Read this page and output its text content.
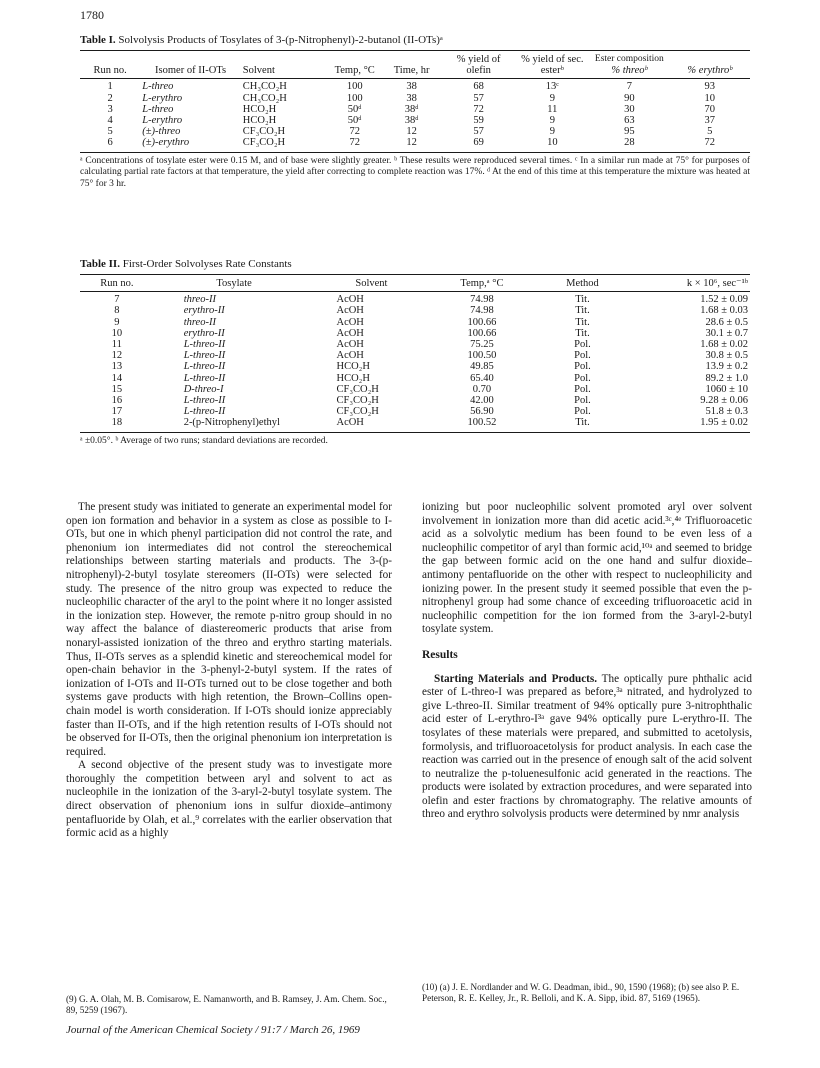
1780
Table I. Solvolysis Products of Tosylates of 3-(p-Nitrophenyl)-2-butanol (II-OTs)ᵃ
Run no.	Isomer of II-OTs	Solvent	Temp, °C	Time, hr	% yield of olefin	% yield of sec. esterᵇ	Ester composition
% threoᵇ	% erythroᵇ
1	L-threo	CH₃CO₂H	100	38	68	13ᶜ	7	93
2	L-erythro	CH₃CO₂H	100	38	57	9	90	10
3	L-threo	HCO₂H	50ᵈ	38ᵈ	72	11	30	70
4	L-erythro	HCO₂H	50ᵈ	38ᵈ	59	9	63	37
5	(±)-threo	CF₃CO₂H	72	12	57	9	95	5
6	(±)-erythro	CF₃CO₂H	72	12	69	10	28	72
ᵃ Concentrations of tosylate ester were 0.15 M, and of base were slightly greater. ᵇ These results were reproduced several times. ᶜ In a similar run made at 75° for purposes of calculating partial rate factors at that temperature, the yield after correcting to complete reaction was 17%. ᵈ At the end of this time at this temperature the mixture was heated at 75° for 3 hr.
Table II. First-Order Solvolyses Rate Constants
Run no.	Tosylate	Solvent	Temp,ᵃ °C	Method	k × 10⁶, sec⁻¹ᵇ
7	threo-II	AcOH	74.98	Tit.	1.52 ± 0.09
8	erythro-II	AcOH	74.98	Tit.	1.68 ± 0.03
9	threo-II	AcOH	100.66	Tit.	28.6 ± 0.5
10	erythro-II	AcOH	100.66	Tit.	30.1 ± 0.7
11	L-threo-II	AcOH	75.25	Pol.	1.68 ± 0.02
12	L-threo-II	AcOH	100.50	Pol.	30.8 ± 0.5
13	L-threo-II	HCO₂H	49.85	Pol.	13.9 ± 0.2
14	L-threo-II	HCO₂H	65.40	Pol.	89.2 ± 1.0
15	D-threo-I	CF₃CO₂H	0.70	Pol.	1060 ± 10
16	L-threo-II	CF₃CO₂H	42.00	Pol.	9.28 ± 0.06
17	L-threo-II	CF₃CO₂H	56.90	Pol.	51.8 ± 0.3
18	2-(p-Nitrophenyl)ethyl	AcOH	100.52	Tit.	1.95 ± 0.02
ᵃ ±0.05°. ᵇ Average of two runs; standard deviations are recorded.

The present study was initiated to generate an experimental model for open ion formation and behavior in a system as close as possible to I-OTs, but one in which phenyl participation did not control the rate, and phenonium ion intermediates did not control the stereochemical relationships between starting materials and products. The 3-(p-nitrophenyl)-2-butyl tosylate stereomers (II-OTs) were selected for study. The presence of the nitro group was expected to reduce the nucleophilic character of the aryl to the point where it no longer assisted in the ionization step. However, the remote p-nitro group should in no way affect the balance of diastereomeric products that arise from nonaryl-assisted ionization of the threo and erythro starting materials. Thus, II-OTs serves as a splendid kinetic and stereochemical model for open-chain behavior in the 3-phenyl-2-butyl system. If the rates of ionization of I-OTs and II-OTs turned out to be close together and both systems gave products with high retention, the Brown–Collins open-chain model is worth consideration. If I-OTs should ionize appreciably faster than II-OTs, and if the high retention results of I-OTs should not be observed for II-OTs, then the original phenonium ion interpretation is required.

A second objective of the present study was to investigate more thoroughly the competition between aryl and solvent to act as nucleophile in the ionization of the 3-aryl-2-butyl tosylate system. The direct observation of phenonium ions in sulfur dioxide–antimony pentafluoride by Olah, et al.,⁹ correlates with the earlier observation that formic acid as a highly

ionizing but poor nucleophilic solvent promoted aryl over solvent involvement in ionization more than did acetic acid.³ᶜ,⁴ᵉ Trifluoroacetic acid as a solvolytic medium has been found to be even less of a nucleophilic competitor of aryl than formic acid,¹⁰ᵃ and seemed to bridge the gap between formic acid on the one hand and sulfur dioxide–antimony pentafluoride on the other with respect to nucleophilicity and ionizing power. In the present study it seemed possible that even the p-nitrophenyl group had some chance of exceeding trifluoroacetic acid in nucleophilic competition for the ion formed from the 3-aryl-2-butyl tosylate system.

Results

Starting Materials and Products. The optically pure phthalic acid ester of L-threo-I was prepared as before,³ᵃ nitrated, and hydrolyzed to give L-threo-II. Similar treatment of 94% optically pure 3-nitrophthalic acid ester of L-erythro-I³ᵃ gave 94% optically pure L-erythro-II. The tosylates of these materials were prepared, and submitted to acetolysis, formolysis, and trifluoroacetolysis for product analysis. In each case the reaction was carried out in the presence of enough salt of the acid solvent to neutralize the p-toluenesulfonic acid generated in the reactions. The products were isolated by extraction procedures, and were separated into olefin and ester fractions by chromatography. The relative amounts of threo and erythro solvolysis products were determined by nmr analysis

(9) G. A. Olah, M. B. Comisarow, E. Namanworth, and B. Ramsey, J. Am. Chem. Soc., 89, 5259 (1967).

(10) (a) J. E. Nordlander and W. G. Deadman, ibid., 90, 1590 (1968); (b) see also P. E. Peterson, R. E. Kelley, Jr., R. Belloli, and K. A. Sipp, ibid. 87, 5169 (1965).

Journal of the American Chemical Society / 91:7 / March 26, 1969
